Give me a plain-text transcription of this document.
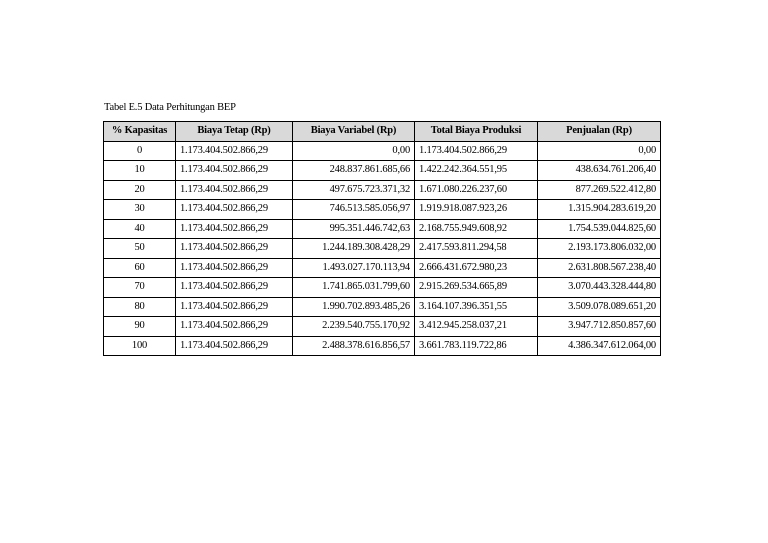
Tabel E.5 Data Perhitungan BEP
% Kapasitas	Biaya Tetap (Rp)	Biaya Variabel (Rp)	Total Biaya Produksi	Penjualan (Rp)
0	1.173.404.502.866,29	0,00	1.173.404.502.866,29	0,00
10	1.173.404.502.866,29	248.837.861.685,66	1.422.242.364.551,95	438.634.761.206,40
20	1.173.404.502.866,29	497.675.723.371,32	1.671.080.226.237,60	877.269.522.412,80
30	1.173.404.502.866,29	746.513.585.056,97	1.919.918.087.923,26	1.315.904.283.619,20
40	1.173.404.502.866,29	995.351.446.742,63	2.168.755.949.608,92	1.754.539.044.825,60
50	1.173.404.502.866,29	1.244.189.308.428,29	2.417.593.811.294,58	2.193.173.806.032,00
60	1.173.404.502.866,29	1.493.027.170.113,94	2.666.431.672.980,23	2.631.808.567.238,40
70	1.173.404.502.866,29	1.741.865.031.799,60	2.915.269.534.665,89	3.070.443.328.444,80
80	1.173.404.502.866,29	1.990.702.893.485,26	3.164.107.396.351,55	3.509.078.089.651,20
90	1.173.404.502.866,29	2.239.540.755.170,92	3.412.945.258.037,21	3.947.712.850.857,60
100	1.173.404.502.866,29	2.488.378.616.856,57	3.661.783.119.722,86	4.386.347.612.064,00
